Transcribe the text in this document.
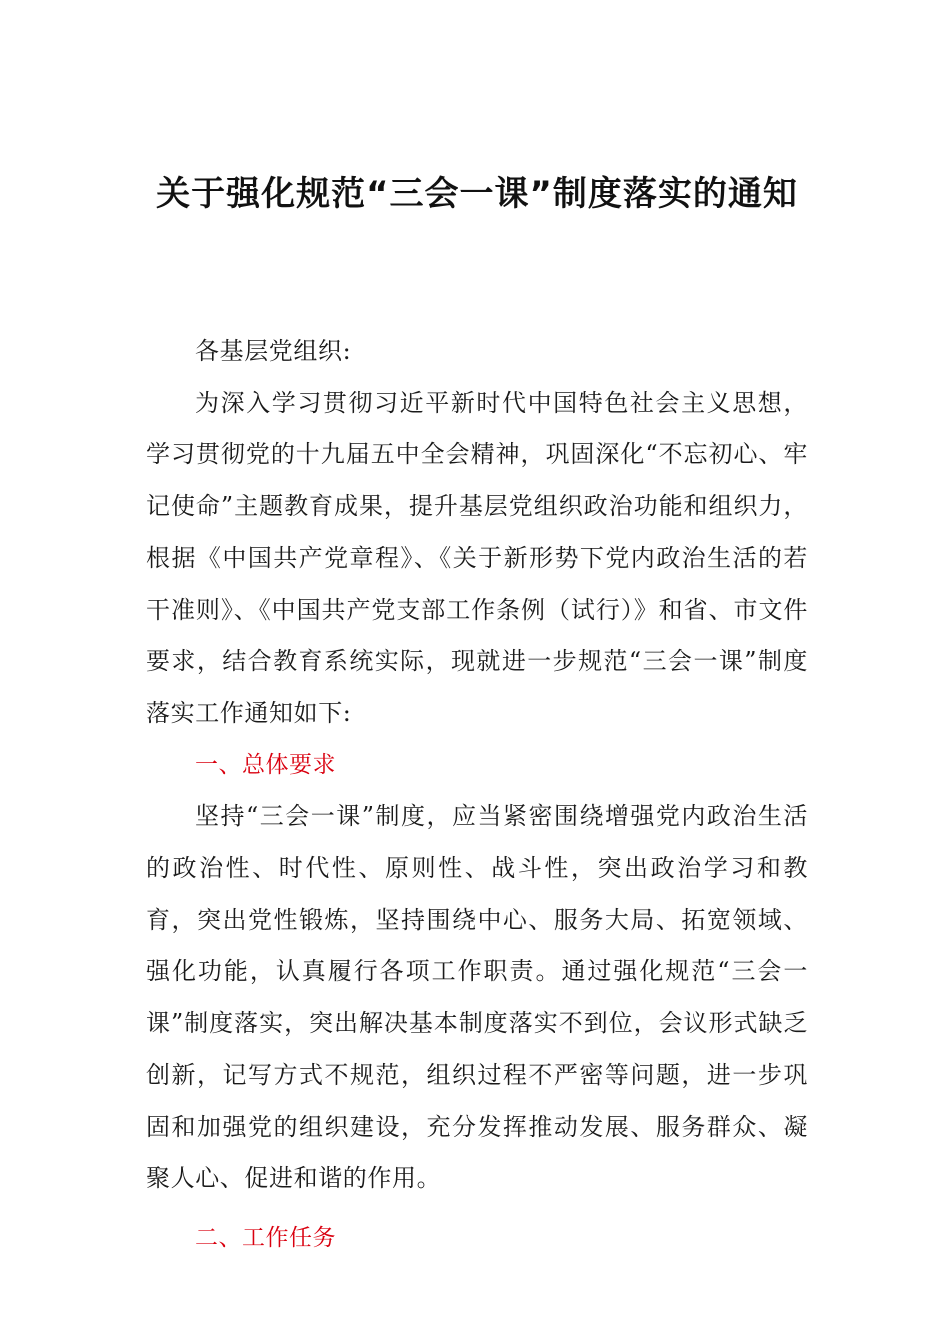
关于强化规范“三会一课”制度落实的通知

各基层党组织:

为深入学习贯彻习近平新时代中国特色社会主义思想，学习贯彻党的十九届五中全会精神，巩固深化“不忘初心、牢记使命”主题教育成果，提升基层党组织政治功能和组织力，根据《中国共产党章程》、《关于新形势下党内政治生活的若干准则》、《中国共产党支部工作条例（试行）》和省、市文件要求，结合教育系统实际，现就进一步规范“三会一课”制度落实工作通知如下:

一、总体要求

坚持“三会一课”制度，应当紧密围绕增强党内政治生活的政治性、时代性、原则性、战斗性，突出政治学习和教育，突出党性锻炼，坚持围绕中心、服务大局、拓宽领域、强化功能，认真履行各项工作职责。通过强化规范“三会一课”制度落实，突出解决基本制度落实不到位，会议形式缺乏创新，记写方式不规范，组织过程不严密等问题，进一步巩固和加强党的组织建设，充分发挥推动发展、服务群众、凝聚人心、促进和谐的作用。

二、工作任务
